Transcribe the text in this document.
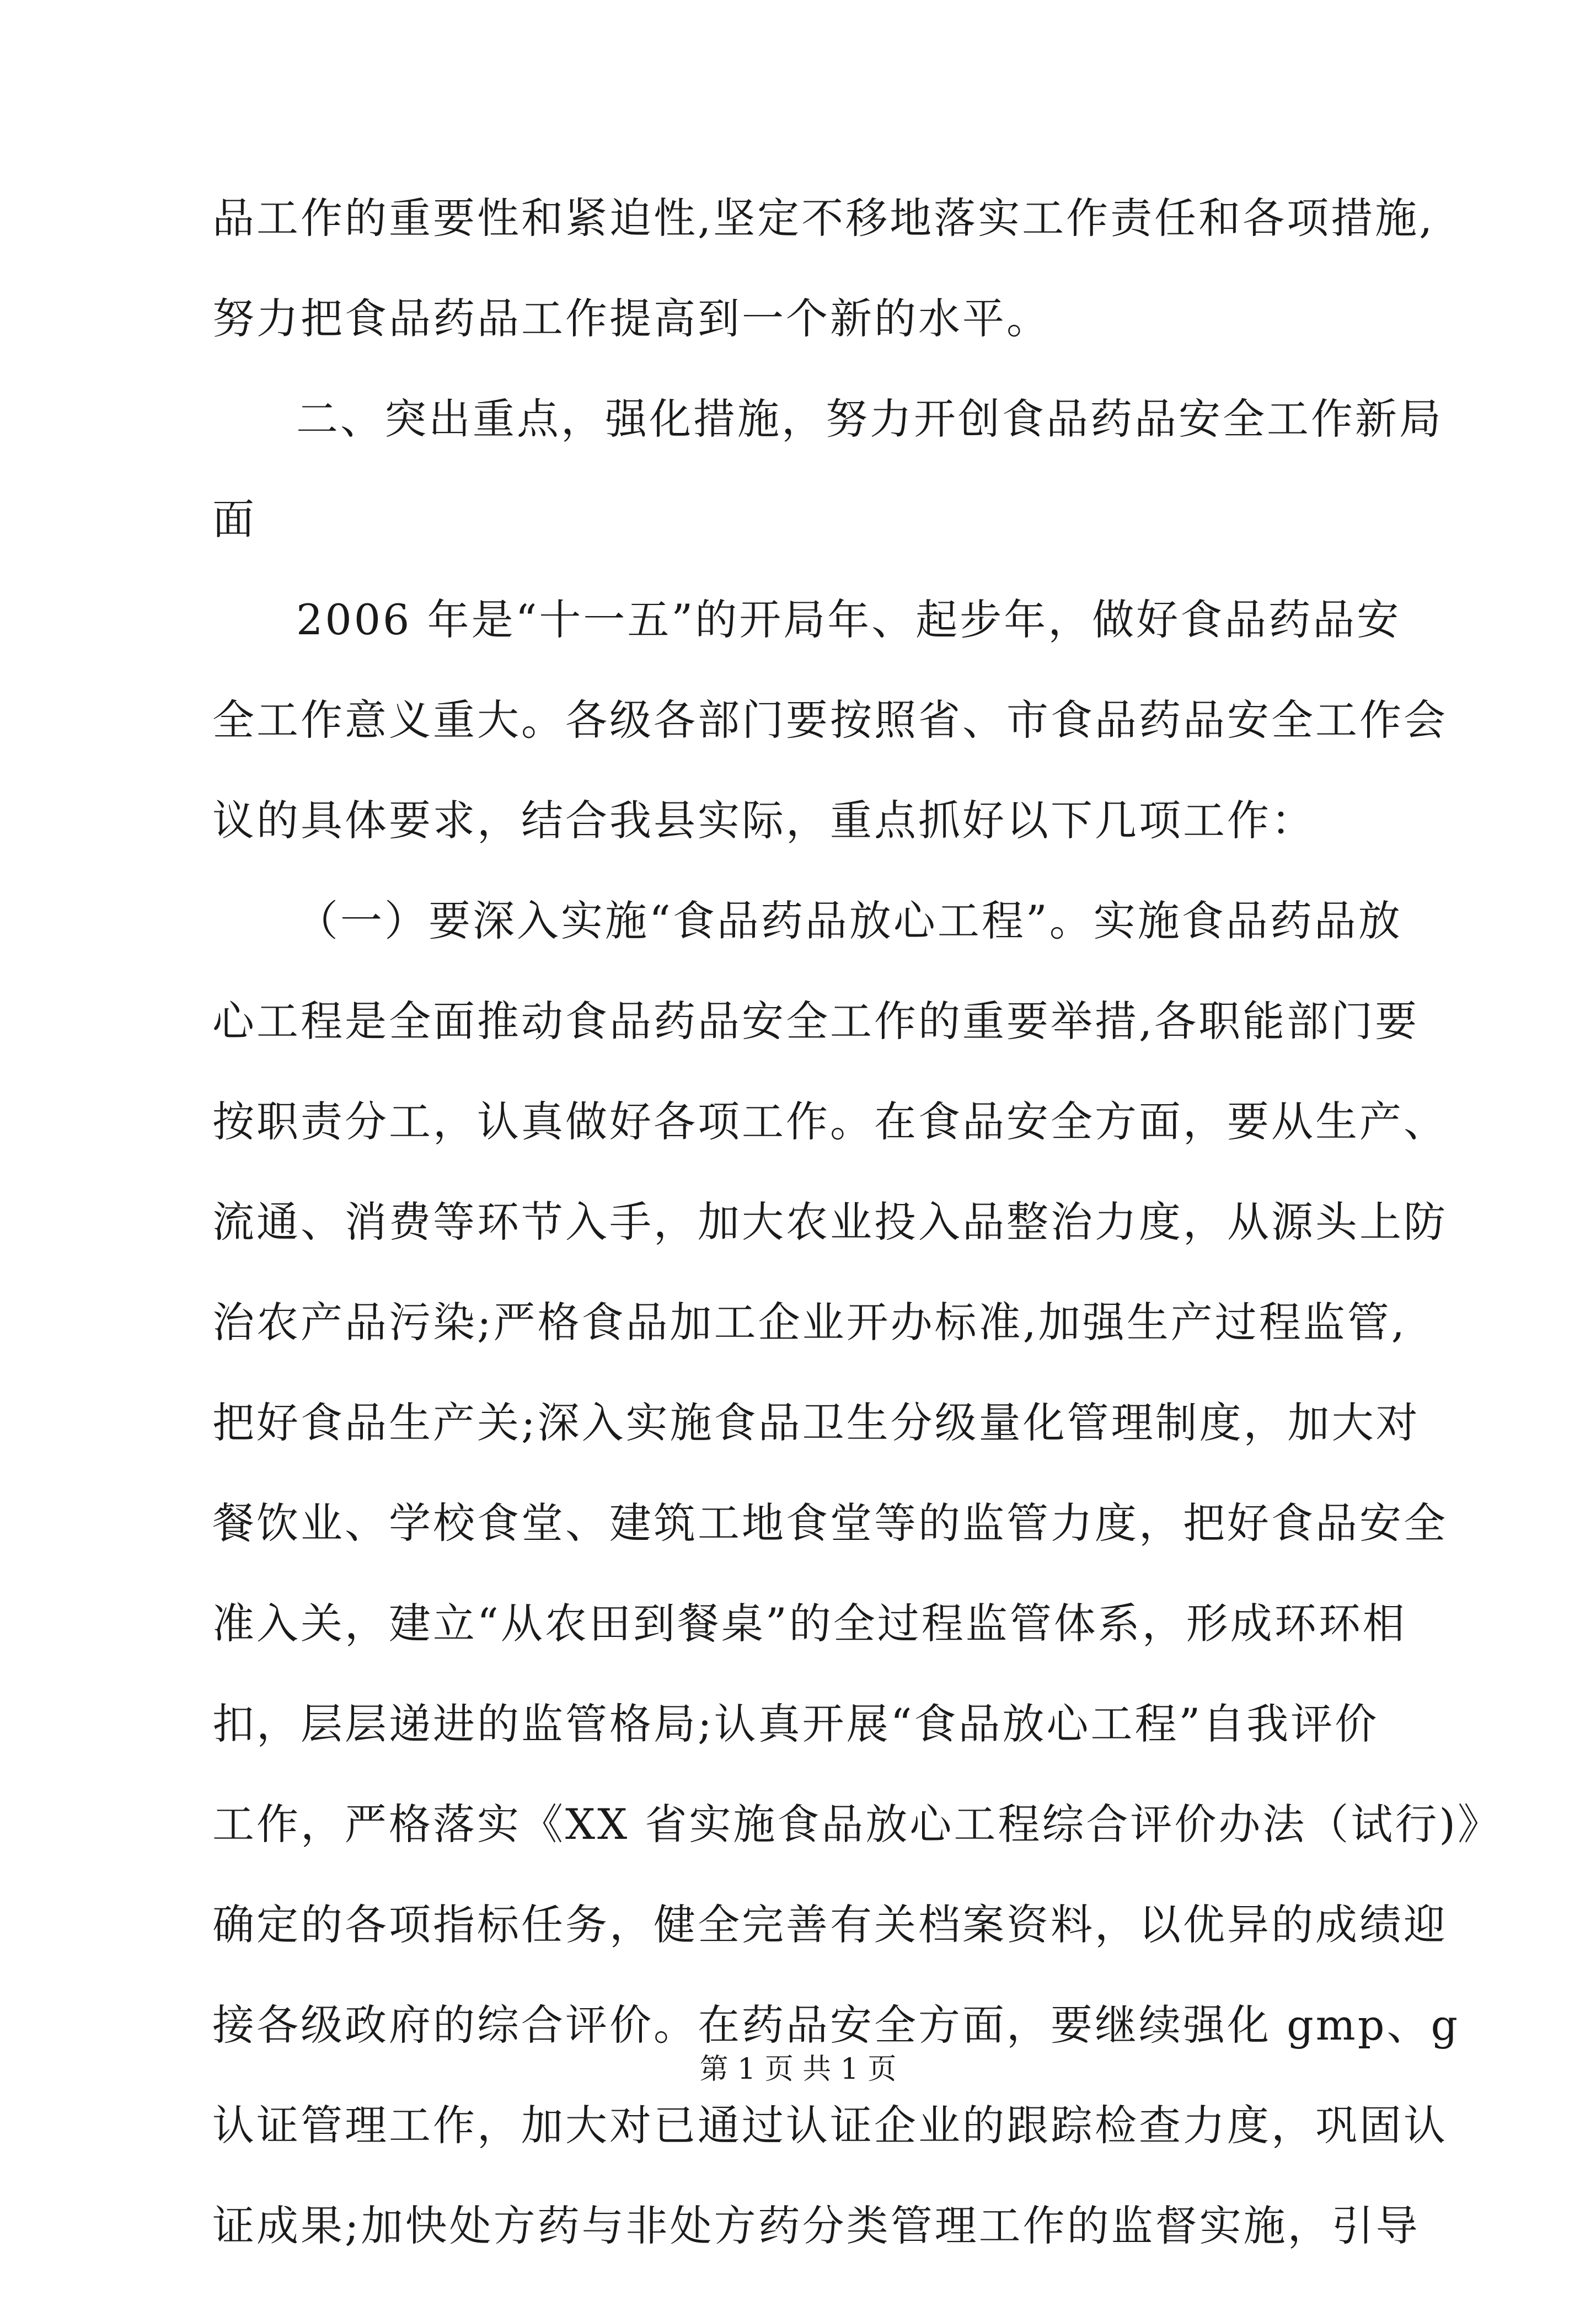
品工作的重要性和紧迫性,坚定不移地落实工作责任和各项措施,
努力把食品药品工作提高到一个新的水平。
二、突出重点，强化措施，努力开创食品药品安全工作新局
面
2006 年是“十一五”的开局年、起步年，做好食品药品安
全工作意义重大。各级各部门要按照省、市食品药品安全工作会
议的具体要求，结合我县实际，重点抓好以下几项工作：
（一）要深入实施“食品药品放心工程”。实施食品药品放
心工程是全面推动食品药品安全工作的重要举措,各职能部门要
按职责分工，认真做好各项工作。在食品安全方面，要从生产、
流通、消费等环节入手，加大农业投入品整治力度，从源头上防
治农产品污染;严格食品加工企业开办标准,加强生产过程监管,
把好食品生产关;深入实施食品卫生分级量化管理制度，加大对
餐饮业、学校食堂、建筑工地食堂等的监管力度，把好食品安全
准入关，建立“从农田到餐桌”的全过程监管体系，形成环环相
扣，层层递进的监管格局;认真开展“食品放心工程”自我评价
工作，严格落实《XX 省实施食品放心工程综合评价办法（试行)》
确定的各项指标任务，健全完善有关档案资料，以优异的成绩迎
接各级政府的综合评价。在药品安全方面，要继续强化 gmp、g
认证管理工作，加大对已通过认证企业的跟踪检查力度，巩固认
证成果;加快处方药与非处方药分类管理工作的监督实施，引导
第 1 页 共 1 页
